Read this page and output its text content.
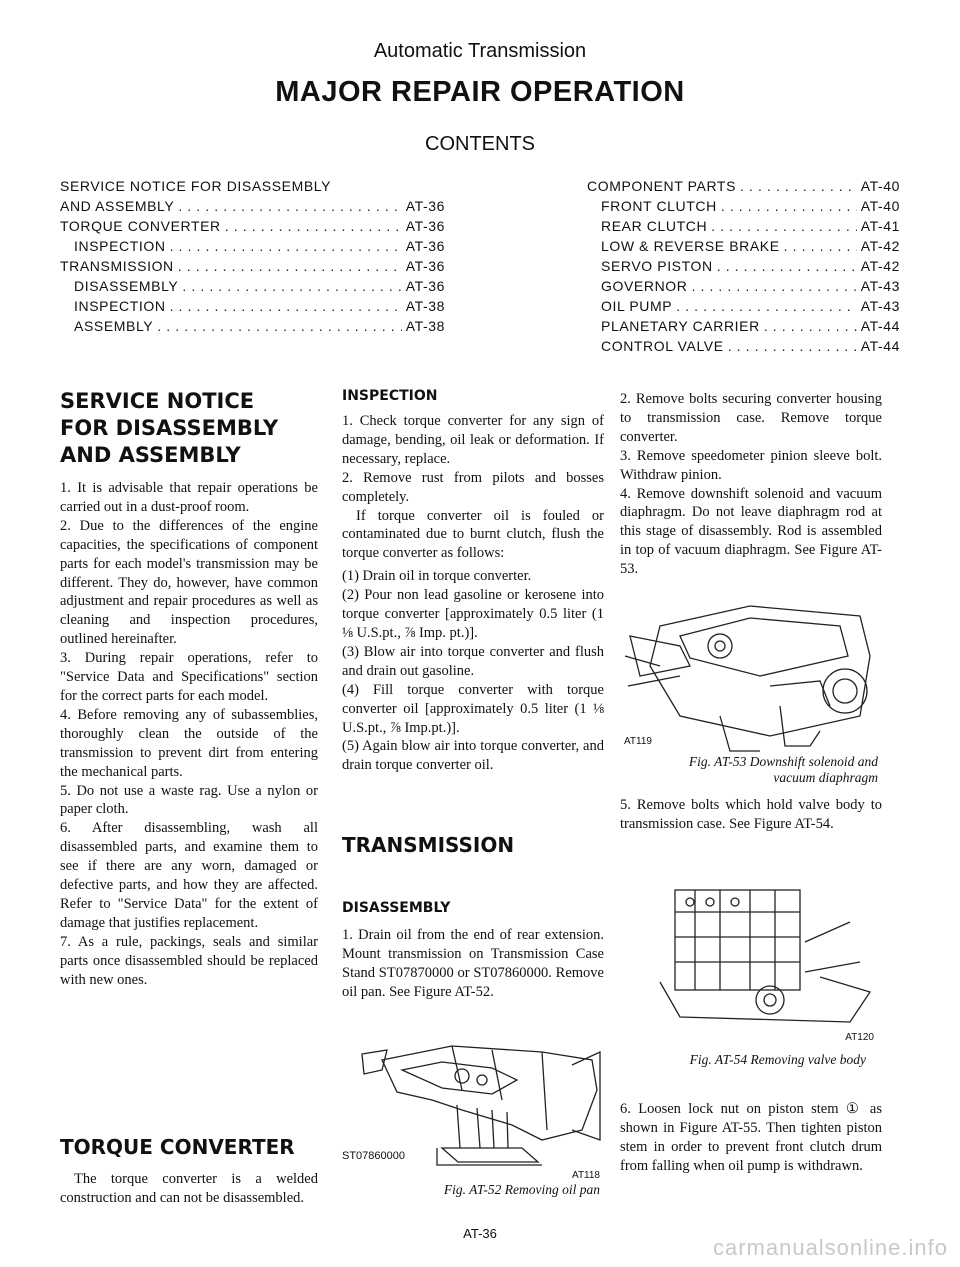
Automatic Transmission
MAJOR REPAIR OPERATION
CONTENTS
SERVICE NOTICE FOR DISASSEMBLY
AND ASSEMBLY . . .	AT-36
TORQUE CONVERTER . . .	AT-36
INSPECTION . . .	AT-36
TRANSMISSION . . .	AT-36
DISASSEMBLY . . .	AT-36
INSPECTION . . .	AT-38
ASSEMBLY . . .	AT-38
COMPONENT PARTS . . .	AT-40
FRONT CLUTCH . . .	AT-40
REAR CLUTCH . . .	AT-41
LOW & REVERSE BRAKE . . .	AT-42
SERVO PISTON . . .	AT-42
GOVERNOR . . .	AT-43
OIL PUMP . . .	AT-43
PLANETARY CARRIER . . .	AT-44
CONTROL VALVE . . .	AT-44
SERVICE NOTICE
FOR DISASSEMBLY
AND ASSEMBLY

1. It is advisable that repair operations be carried out in a dust-proof room.

2. Due to the differences of the engine capacities, the specifications of component parts for each model's transmission may be different. They do, however, have common adjustment and repair procedures as well as cleaning and inspection procedures, outlined hereinafter.

3. During repair operations, refer to "Service Data and Specifications" section for the correct parts for each model.

4. Before removing any of subassemblies, thoroughly clean the outside of the transmission to prevent dirt from entering the mechanical parts.

5. Do not use a waste rag. Use a nylon or paper cloth.

6. After disassembling, wash all disassembled parts, and examine them to see if there are any worn, damaged or defective parts, and how they are affected. Refer to "Service Data" for the extent of damage that justifies replacement.

7. As a rule, packings, seals and similar parts once disassembled should be replaced with new ones.

TORQUE CONVERTER
The torque converter is a welded construction and can not be disassembled.
INSPECTION

1. Check torque converter for any sign of damage, bending, oil leak or deformation. If necessary, replace.

2. Remove rust from pilots and bosses completely.

If torque converter oil is fouled or contaminated due to burnt clutch, flush the torque converter as follows:

(1) Drain oil in torque converter.

(2) Pour non lead gasoline or kerosene into torque converter [approximately 0.5 liter (1 ⅛ U.S.pt., ⅞ Imp. pt.)].

(3) Blow air into torque converter and flush and drain out gasoline.

(4) Fill torque converter with torque converter oil [approximately 0.5 liter (1 ⅛ U.S.pt., ⅞ Imp.pt.)].

(5) Again blow air into torque converter, and drain torque converter oil.

TRANSMISSION
DISASSEMBLY

1. Drain oil from the end of rear extension. Mount transmission on Transmission Case Stand ST07870000 or ST07860000. Remove oil pan. See Figure AT-52.

ST07860000
AT118
Fig. AT-52 Removing oil pan

2. Remove bolts securing converter housing to transmission case. Remove torque converter.

3. Remove speedometer pinion sleeve bolt. Withdraw pinion.

4. Remove downshift solenoid and vacuum diaphragm. Do not leave diaphragm rod at this stage of disassembly. Rod is assembled in top of vacuum diaphragm. See Figure AT-53.

AT119
Fig. AT-53 Downshift solenoid and
vacuum diaphragm

5. Remove bolts which hold valve body to transmission case. See Figure AT-54.

AT120
Fig. AT-54 Removing valve body

6. Loosen lock nut on piston stem ① as shown in Figure AT-55. Then tighten piston stem in order to prevent front clutch drum from falling when oil pump is withdrawn.

AT-36
carmanualsonline.info
